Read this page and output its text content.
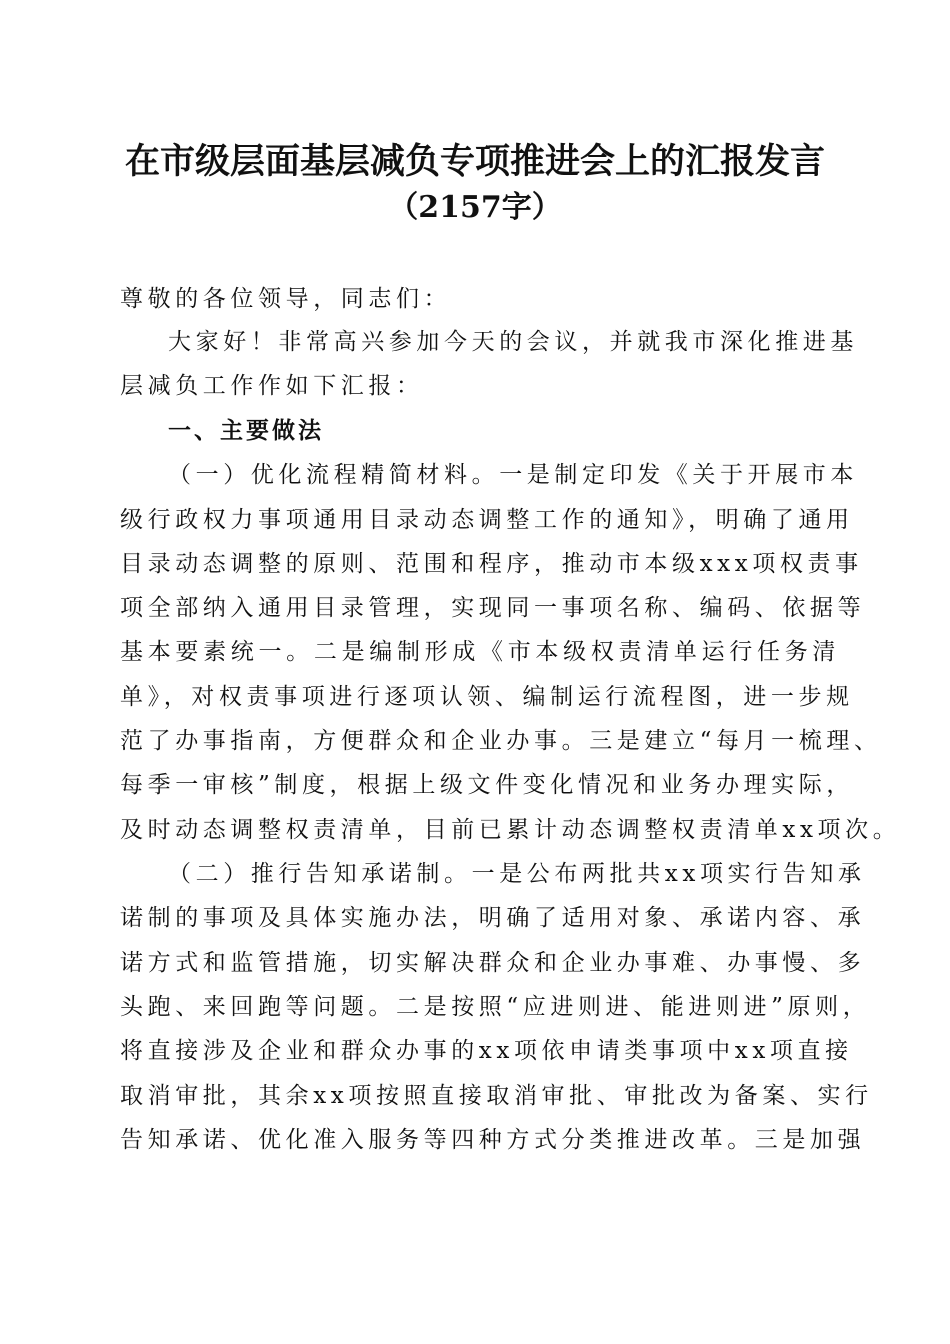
在市级层面基层减负专项推进会上的汇报发言
（2157字）
尊敬的各位领导，同志们：
大家好！非常高兴参加今天的会议，并就我市深化推进基
层减负工作作如下汇报：
一、主要做法
（一）优化流程精简材料。一是制定印发《关于开展市本
级行政权力事项通用目录动态调整工作的通知》，明确了通用
目录动态调整的原则、范围和程序，推动市本级xxx项权责事
项全部纳入通用目录管理，实现同一事项名称、编码、依据等
基本要素统一。二是编制形成《市本级权责清单运行任务清
单》，对权责事项进行逐项认领、编制运行流程图，进一步规
范了办事指南，方便群众和企业办事。三是建立“每月一梳理、
每季一审核”制度，根据上级文件变化情况和业务办理实际，
及时动态调整权责清单，目前已累计动态调整权责清单xx项次。
（二）推行告知承诺制。一是公布两批共xx项实行告知承
诺制的事项及具体实施办法，明确了适用对象、承诺内容、承
诺方式和监管措施，切实解决群众和企业办事难、办事慢、多
头跑、来回跑等问题。二是按照“应进则进、能进则进”原则，
将直接涉及企业和群众办事的xx项依申请类事项中xx项直接
取消审批，其余xx项按照直接取消审批、审批改为备案、实行
告知承诺、优化准入服务等四种方式分类推进改革。三是加强
